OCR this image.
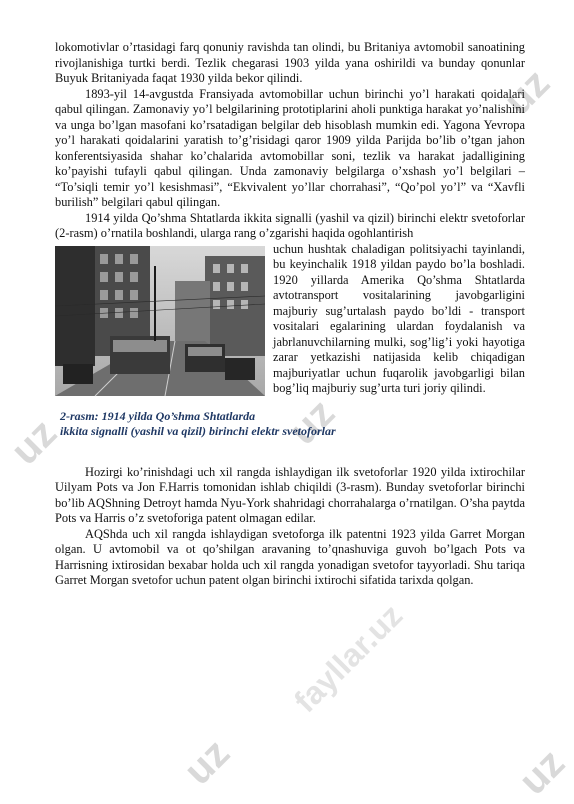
uz
uz	uz
uz	uz
fayllar.uz

lokomotivlar o’rtasidagi farq qonuniy ravishda tan olindi, bu Britaniya avtomobil sanoatining rivojlanishiga turtki berdi. Tezlik chegarasi 1903 yilda yana oshirildi va bunday qonunlar Buyuk Britaniyada faqat 1930 yilda bekor qilindi.

1893-yil 14-avgustda Fransiyada avtomobillar uchun birinchi yo’l harakati qoidalari qabul qilingan. Zamonaviy yo’l belgilarining prototiplarini aholi punktiga harakat yo’nalishini va unga bo’lgan masofani ko’rsatadigan belgilar deb hisoblash mumkin edi. Yagona Yevropa yo’l harakati qoidalarini yaratish to’g’risidagi qaror 1909 yilda Parijda bo’lib o’tgan jahon konferentsiyasida shahar ko’chalarida avtomobillar soni, tezlik va harakat jadalligining ko’payishi tufayli qabul qilingan. Unda zamonaviy belgilarga o’xshash yo’l belgilari – “To’siqli temir yo’l kesishmasi”, “Ekvivalent yo’llar chorrahasi”, “Qo’pol yo’l” va “Xavfli burilish” belgilari qabul qilingan.

1914 yilda Qo’shma Shtatlarda ikkita signalli (yashil va qizil) birinchi elektr svetoforlar (2-rasm) o’rnatila boshlandi, ularga rang o’zgarishi haqida ogohlantirish

uchun hushtak chaladigan politsiyachi tayinlandi, bu keyinchalik 1918 yildan paydo bo’la boshladi. 1920 yillarda Amerika Qo’shma Shtatlarda avtotransport vositalarining javobgarligini majburiy sug’urtalash paydo bo’ldi - transport vositalari egalarining ulardan foydalanish va jabrlanuvchilarning mulki, sog’lig’i yoki hayotiga zarar yetkazishi natijasida kelib chiqadigan majburiyatlar uchun fuqarolik javobgarligi bilan bog’liq majburiy sug’urta turi joriy qilindi.

2-rasm: 1914 yilda Qo’shma Shtatlarda
ikkita signalli (yashil va qizil) birinchi elektr svetoforlar

Hozirgi ko’rinishdagi uch xil rangda ishlaydigan ilk svetoforlar 1920 yilda ixtirochilar Uilyam Pots va Jon F.Harris tomonidan ishlab chiqildi (3-rasm). Bunday svetoforlar birinchi bo’lib AQShning Detroyt hamda Nyu-York shahridagi chorrahalarga o’rnatilgan. O’sha paytda Pots va Harris o’z svetoforiga patent olmagan edilar.

AQShda uch xil rangda ishlaydigan svetoforga ilk patentni 1923 yilda Garret Morgan olgan. U avtomobil va ot qo’shilgan aravaning to’qnashuviga guvoh bo’lgach Pots va Harrisning ixtirosidan bexabar holda uch xil rangda yonadigan svetofor tayyorladi. Shu tariqa Garret Morgan svetofor uchun patent olgan birinchi ixtirochi sifatida tarixda qolgan.
